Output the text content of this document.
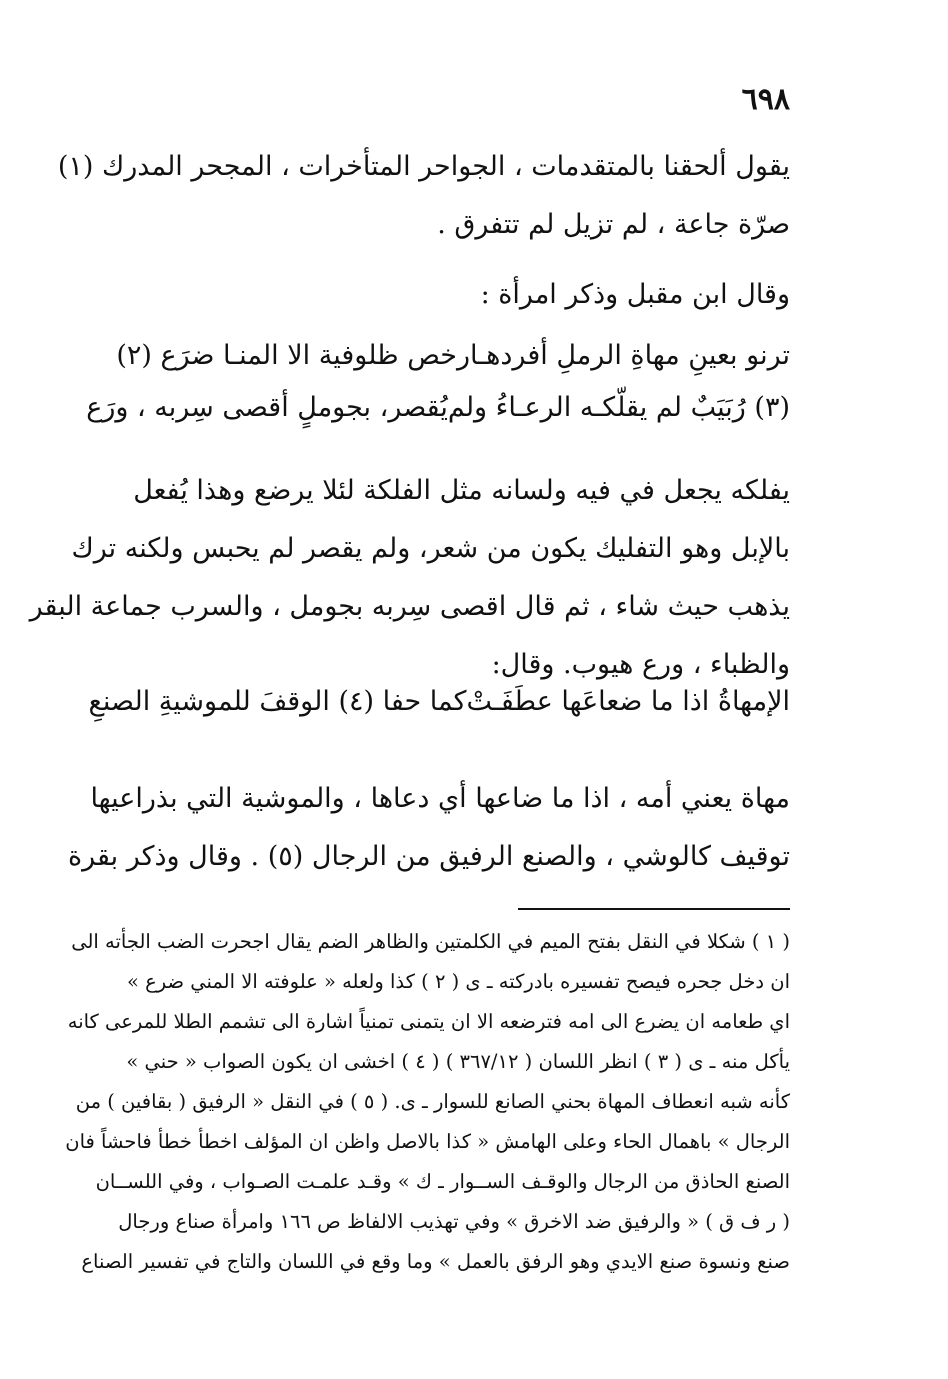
٦٩٨
يقول ألحقنا بالمتقدمات ، الجواحر المتأخرات ، المجحر المدرك (١)
صرّة جاعة ، لم تزيل لم تتفرق .
وقال ابن مقبل وذكر امرأة :
ترنو بعينِ مهاةِ الرملِ أفردهـا
رخص ظلوفية الا المنـا ضرَع (٢)
(٣) رُبَيَبٌ لم يقلّكـه الرعـاءُ ولم
يُقصر، بجوملٍ أقصى سِربه ، ورَع
يفلكه يجعل في فيه ولسانه مثل الفلكة لئلا يرضع وهذا يُفعل
بالإبل وهو التفليك يكون من شعر، ولم يقصر لم يحبس ولكنه ترك
يذهب حيث شاء ، ثم قال اقصى سِربه بجومل ، والسرب جماعة البقر
والظباء ، ورع هيوب. وقال:
الإمهاةُ اذا ما ضعاعَها عطَفَـتْ
كما حفا (٤) الوقفَ للموشيةِ الصنعِ
مهاة يعني أمه ، اذا ما ضاعها أي دعاها ، والموشية التي بذراعيها
توقيف كالوشي ، والصنع الرفيق من الرجال (٥) . وقال وذكر بقرة
( ١ ) شكلا في النقل بفتح الميم في الكلمتين والظاهر الضم يقال اجحرت الضب الجأته الى
ان دخل جحره فيصح تفسيره بادركته ـ ى ( ٢ ) كذا ولعله « علوفته الا المني ضرع »
اي طعامه ان يضرع الى امه فترضعه الا ان يتمنى تمنياً اشارة الى تشمم الطلا للمرعى كانه
يأكل منه ـ ى ( ٣ ) انظر اللسان ( ٣٦٧/١٢ ) ( ٤ ) اخشى ان يكون الصواب « حني »
كأنه شبه انعطاف المهاة بحني الصانع للسوار ـ ى. ( ٥ ) في النقل « الرفيق ( بقافين ) من
الرجال » باهمال الحاء وعلى الهامش « كذا بالاصل واظن ان المؤلف اخطأ خطأ فاحشاً فان
الصنع الحاذق من الرجال والوقـف الســوار ـ ك » وقـد علمـت الصـواب ، وفي اللســان
( ر ف ق ) « والرفيق ضد الاخرق » وفي تهذيب الالفاظ ص ١٦٦ وامرأة صناع ورجال
صنع ونسوة صنع الايدي وهو الرفق بالعمل » وما وقع في اللسان والتاج في تفسير الصناع
